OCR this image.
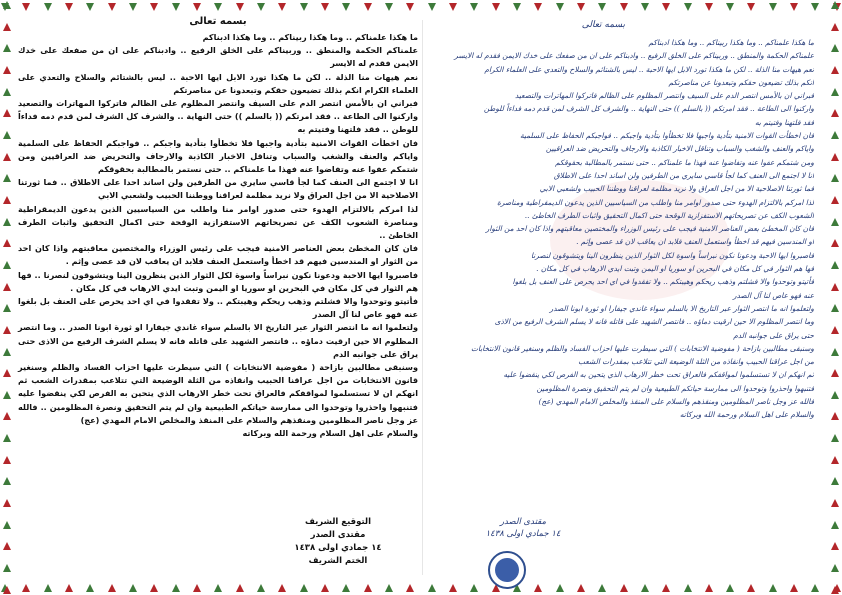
بسمه تعالى

ما هكذا علمناكم .. وما هكذا ربيناكم .. وما هكذا ادبناكم

علمناكم الحكمة والمنطق .. وربيناكم على الخلق الرفيع .. وادبناكم على ان من صفعك على خدك الايمن فقدم له الايسر

نعم هيهات منا الذلة .. لكن ما هكذا تورد الابل ايها الاحبة .. ليس بالشتائم والسلاح والتعدي على العلماء الكرام انكم بذلك تضيعون حقكم وتبعدونا عن مناصرتكم

فبراني ان بالأمس انتصر الدم على السيف وانتصر المظلوم على الظالم فاتركوا المهاترات والتصعيد واركنوا الى الطاعة .. فقد امرتكم (( بالسلم )) حتى النهاية .. والشرف كل الشرف لمن قدم دمه فداءاً للوطن .. فقد فلتهنا وفتيتم به

فان اخطأت القوات الامنية بتأدية واجبها فلا تخطأوا بتأدية واجبكم .. فواجبكم الحفاظ على السلمية واياكم والعنف والشغب والسباب وتناقل الاخبار الكاذبة والارجاف والتحريض ضد العراقيين ومن شتمكم عفوا عنه وتفاضوا عنه فهذا ما علمناكم .. حتى نستمر بالمطالبة بحقوقكم

انا لا اجتمع الى العنف كما لجأ قاسي سايري من الطرفين ولن اساند احدا على الاطلاق .. فما ثورتنا الاصلاحية الا من اجل العراق ولا نريد مظلمة لعراقنا ووطننا الحبيب ولشعبي الابي

لذا امركم بالالتزام الهدوء حتى صدور اوامر منا واطلب من السياسيين الذين يدعون الديمقراطية ومناصرة الشعوب الكف عن تصريحاتهم الاستفزازية الوقحة حتى اكمال التحقيق واثبات الطرف الخاطئ ..

فان كان المخطئ بعض العناصر الامنية فيجب على رئيس الوزراء والمختصين معاقبتهم واذا كان احد من الثوار او المندسين فيهم قد اخطأ واستعمل العنف فلابد ان يعاقب لان قد عصى وإثم .

فاصبروا ايها الاحبة ودعونا نكون نبراساً واسوة لكل الثوار الذين ينظرون الينا ويتشوقون لنصرنا .. فها هم الثوار في كل مكان في البحرين او سوريا او اليمن وتبت ايدي الارهاب في كل مكان .

فأتيتو وتوحدوا والا فشلتم وذهب ريحكم وهيبتكم .. ولا تفقدوا في اي احد يحرص على العنف بل بلغوا عنه فهو عاص لنا آل الصدر

ولتعلموا انه ما انتصر الثوار عبر التاريخ الا بالسلم سواء غاندي جيفارا او ثورة ابونا الصدر .. وما انتصر المظلوم الا حين ارقيت دماؤه .. فانتصر الشهيد على قاتله فانه لا يسلم الشرف الرفيع من الاذى حتى يراق على جوانبه الدم

وسنبقى مطالبين بازاحة ( مفوضية الانتخابات ) التي سيطرت عليها احزاب الفساد والظلم وسنغير قانون الانتخابات من اجل عراقنا الحبيب وانقاذه من الثلة الوضيعة التي تتلاعب بمقدرات الشعب ثم انهكم ان لا تستسلموا لمواقفكم فالعراق تحت خطر الارهاب الذي يتحين به الفرص لكي ينقضوا عليه فتنبهوا واحذروا وتوحدوا الى ممارسة حياتكم الطبيعية وان لم يتم التحقيق ونصرة المظلومين .. فالله عز وجل ناصر المظلومين ومنقذهم والسلام على المنقذ والمخلص الامام المهدي (عج)

والسلام على اهل السلام ورحمة الله وبركاته

التوقيع الشريف
مقتدى الصدر
١٤ جمادي اولى ١٤٣٨
الختم الشريف
بسمه تعالى
ما هكذا علمناكم .. وما هكذا ربيناكم .. وما هكذا ادبناكم
علمناكم الحكمة والمنطق .. وربيناكم على الخلق الرفيع .. وادبناكم على ان من صفعك على خدك الايمن فقدم له الايسر
نعم هيهات منا الذلة .. لكن ما هكذا تورد الابل ايها الاحبة .. ليس بالشتائم والسلاح والتعدي على العلماء الكرام
انكم بذلك تضيعون حقكم وتبعدونا عن مناصرتكم
فبراني ان بالأمس انتصر الدم على السيف وانتصر المظلوم على الظالم فاتركوا المهاترات والتصعيد
واركنوا الى الطاعة .. فقد امرتكم (( بالسلم )) حتى النهاية .. والشرف كل الشرف لمن قدم دمه فداءاً للوطن
فقد فلتهنا وفتيتم به
فان اخطأت القوات الامنية بتأدية واجبها فلا تخطأوا بتأدية واجبكم .. فواجبكم الحفاظ على السلمية
واياكم والعنف والشغب والسباب وتناقل الاخبار الكاذبة والارجاف والتحريض ضد العراقيين
ومن شتمكم عفوا عنه وتفاضوا عنه فهذا ما علمناكم .. حتى نستمر بالمطالبة بحقوقكم
انا لا اجتمع الى العنف كما لجأ قاسي سايري من الطرفين ولن اساند احدا على الاطلاق
فما ثورتنا الاصلاحية الا من اجل العراق ولا نريد مظلمة لعراقنا ووطننا الحبيب ولشعبي الابي
لذا امركم بالالتزام الهدوء حتى صدور اوامر منا واطلب من السياسيين الذين يدعون الديمقراطية ومناصرة
الشعوب الكف عن تصريحاتهم الاستفزازية الوقحة حتى اكمال التحقيق واثبات الطرف الخاطئ ..
فان كان المخطئ بعض العناصر الامنية فيجب على رئيس الوزراء والمختصين معاقبتهم واذا كان احد من الثوار
او المندسين فيهم قد اخطأ واستعمل العنف فلابد ان يعاقب لان قد عصى وإثم .
فاصبروا ايها الاحبة ودعونا نكون نبراساً واسوة لكل الثوار الذين ينظرون الينا ويتشوقون لنصرنا
فها هم الثوار في كل مكان في البحرين او سوريا او اليمن وتبت ايدي الارهاب في كل مكان .
فأتيتو وتوحدوا والا فشلتم وذهب ريحكم وهيبتكم .. ولا تفقدوا في اي احد يحرص على العنف بل بلغوا
عنه فهو عاص لنا آل الصدر
ولتعلموا انه ما انتصر الثوار عبر التاريخ الا بالسلم سواء غاندي جيفارا او ثورة ابونا الصدر
وما انتصر المظلوم الا حين ارقيت دماؤه .. فانتصر الشهيد على قاتله فانه لا يسلم الشرف الرفيع من الاذى
حتى يراق على جوانبه الدم
وسنبقى مطالبين بازاحة ( مفوضية الانتخابات ) التي سيطرت عليها احزاب الفساد والظلم وسنغير قانون الانتخابات
من اجل عراقنا الحبيب وانقاذه من الثلة الوضيعة التي تتلاعب بمقدرات الشعب
ثم انهكم ان لا تستسلموا لمواقفكم فالعراق تحت خطر الارهاب الذي يتحين به الفرص لكي ينقضوا عليه
فتنبهوا واحذروا وتوحدوا الى ممارسة حياتكم الطبيعية وان لم يتم التحقيق ونصرة المظلومين
فالله عز وجل ناصر المظلومين ومنقذهم والسلام على المنقذ والمخلص الامام المهدي (عج)
والسلام على اهل السلام ورحمة الله وبركاته
مقتدى الصدر
١٤ جمادي اولى ١٤٣٨
